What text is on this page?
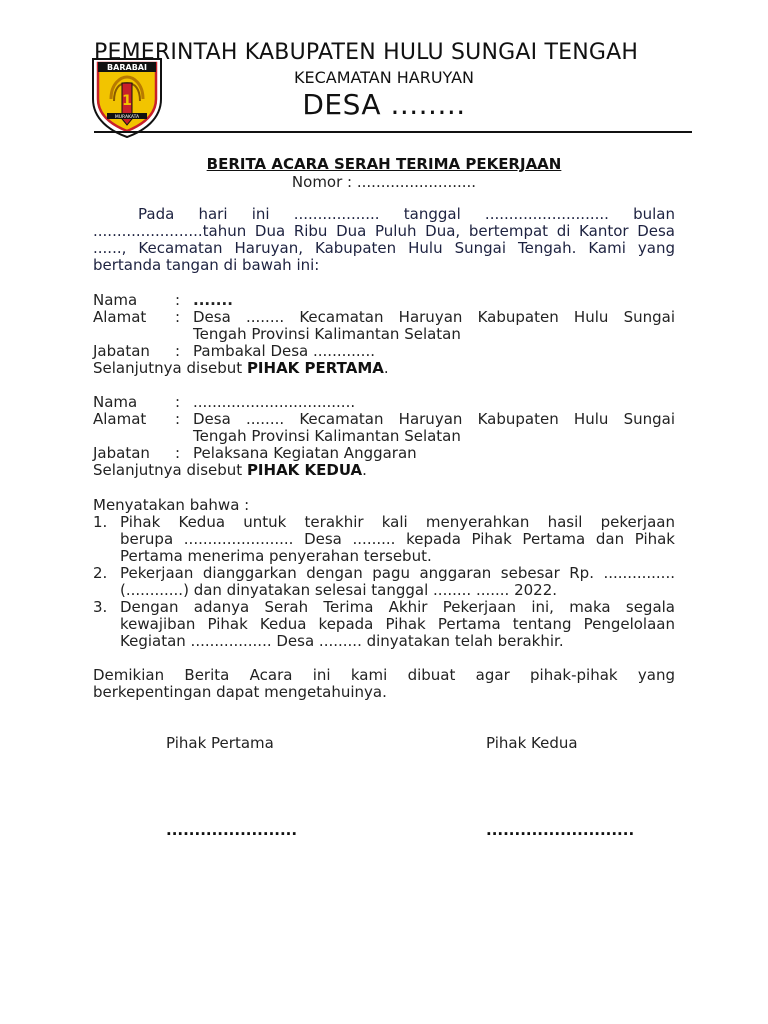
BARABAI
1
MURAKATA
PEMERINTAH KABUPATEN HULU SUNGAI TENGAH
KECAMATAN HARUYAN
DESA ........
BERITA ACARA SERAH TERIMA PEKERJAAN
Nomor : .........................
Pada hari ini .................. tanggal .......................... bulan
.......................tahun Dua Ribu Dua Puluh Dua, bertempat di Kantor Desa
......, Kecamatan Haruyan, Kabupaten Hulu Sungai Tengah. Kami yang
bertanda tangan di bawah ini:
Nama	: .......
Alamat : Desa ........ Kecamatan Haruyan Kabupaten Hulu Sungai
Tengah Provinsi Kalimantan Selatan
Jabatan : Pambakal Desa .............
Selanjutnya disebut PIHAK PERTAMA.
Nama	: ..................................
Alamat : Desa ........ Kecamatan Haruyan Kabupaten Hulu Sungai
Tengah Provinsi Kalimantan Selatan
Jabatan : Pelaksana Kegiatan Anggaran
Selanjutnya disebut PIHAK KEDUA.
Menyatakan bahwa :
1. Pihak Kedua untuk terakhir kali menyerahkan hasil pekerjaan
berupa ....................... Desa ......... kepada Pihak Pertama dan Pihak
Pertama menerima penyerahan tersebut.
2. Pekerjaan dianggarkan dengan pagu anggaran sebesar Rp. ...............
(............) dan dinyatakan selesai tanggal ........ ....... 2022.
3. Dengan adanya Serah Terima Akhir Pekerjaan ini, maka segala
kewajiban Pihak Kedua kepada Pihak Pertama tentang Pengelolaan
Kegiatan ................. Desa ......... dinyatakan telah berakhir.
Demikian Berita Acara ini kami dibuat agar pihak-pihak yang
berkepentingan dapat mengetahuinya.
Pihak Pertama	Pihak Kedua
.......................	..........................
